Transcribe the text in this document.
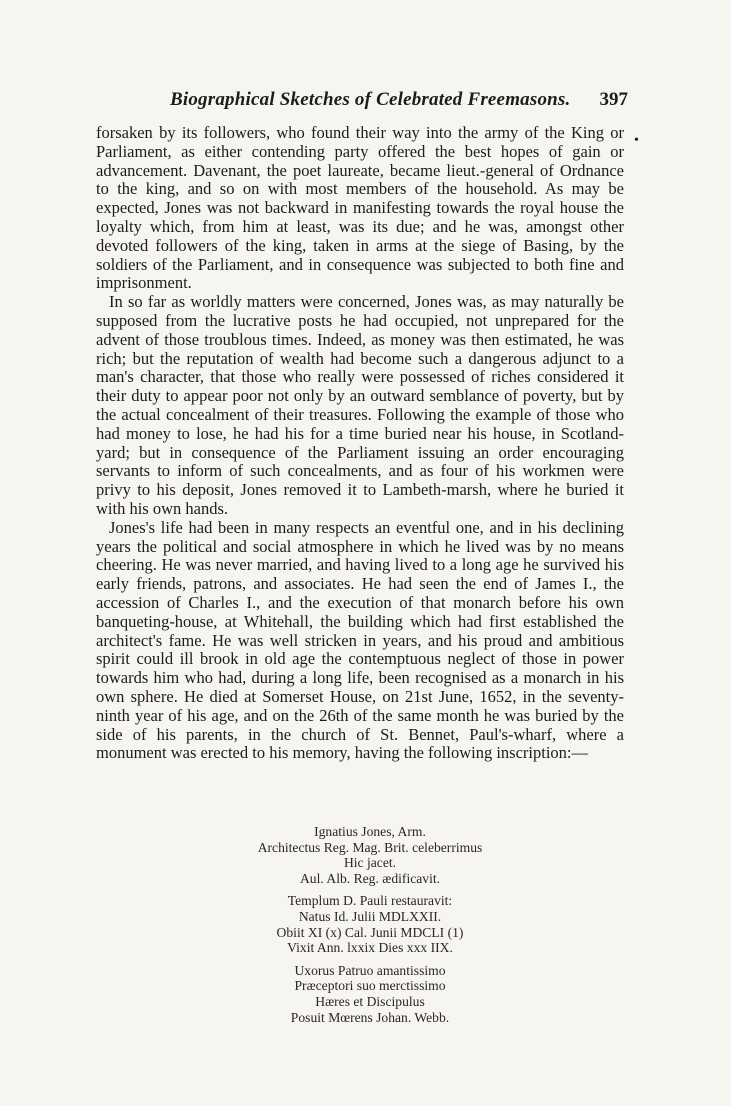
Biographical Sketches of Celebrated Freemasons. 397
•

forsaken by its followers, who found their way into the army of the King or Parliament, as either contending party offered the best hopes of gain or advancement. Davenant, the poet laureate, became lieut.-general of Ordnance to the king, and so on with most members of the household. As may be expected, Jones was not backward in manifesting towards the royal house the loyalty which, from him at least, was its due; and he was, amongst other devoted followers of the king, taken in arms at the siege of Basing, by the soldiers of the Parliament, and in consequence was subjected to both fine and imprisonment.

In so far as worldly matters were concerned, Jones was, as may naturally be supposed from the lucrative posts he had occupied, not unprepared for the advent of those troublous times. Indeed, as money was then estimated, he was rich; but the reputation of wealth had become such a dangerous adjunct to a man's character, that those who really were possessed of riches considered it their duty to appear poor not only by an outward semblance of poverty, but by the actual concealment of their treasures. Following the example of those who had money to lose, he had his for a time buried near his house, in Scotland-yard; but in consequence of the Parliament issuing an order encouraging servants to inform of such concealments, and as four of his workmen were privy to his deposit, Jones removed it to Lambeth-marsh, where he buried it with his own hands.

Jones's life had been in many respects an eventful one, and in his declining years the political and social atmosphere in which he lived was by no means cheering. He was never married, and having lived to a long age he survived his early friends, patrons, and associates. He had seen the end of James I., the accession of Charles I., and the execution of that monarch before his own banqueting-house, at Whitehall, the building which had first established the architect's fame. He was well stricken in years, and his proud and ambitious spirit could ill brook in old age the contemptuous neglect of those in power towards him who had, during a long life, been recognised as a monarch in his own sphere. He died at Somerset House, on 21st June, 1652, in the seventy-ninth year of his age, and on the 26th of the same month he was buried by the side of his parents, in the church of St. Bennet, Paul's-wharf, where a monument was erected to his memory, having the following inscription:—

Ignatius Jones, Arm.
Architectus Reg. Mag. Brit. celeberrimus
Hic jacet.
Aul. Alb. Reg. ædificavit.
Templum D. Pauli restauravit:
Natus Id. Julii MDLXXII.
Obiit XI (x) Cal. Junii MDCLI (1)
Vixit Ann. lxxix Dies xxx IIX.
Uxorus Patruo amantissimo
Præceptori suo merctissimo
Hæres et Discipulus
Posuit Mœrens Johan. Webb.
